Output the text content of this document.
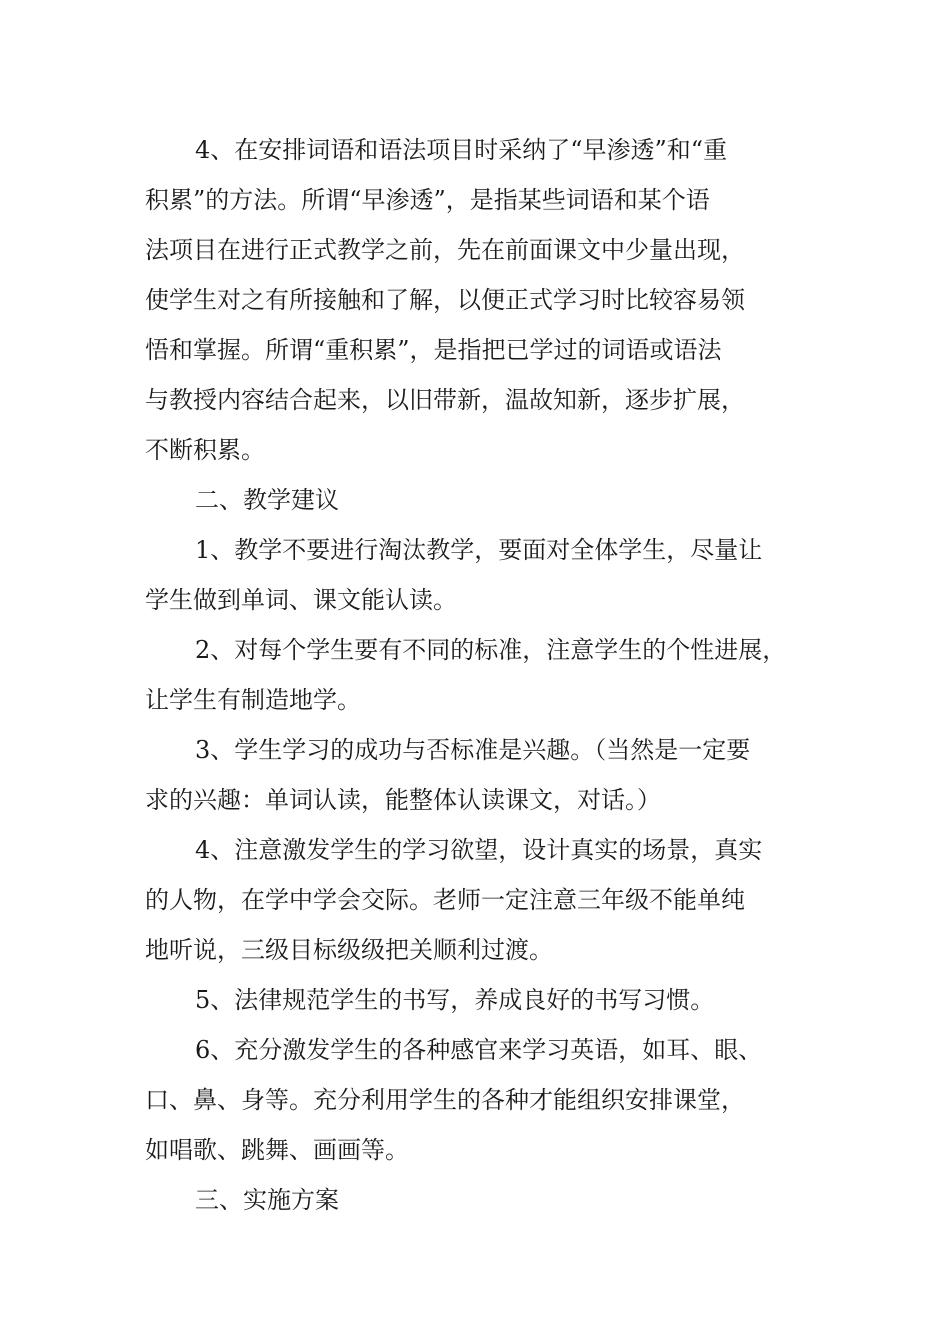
4、在安排词语和语法项目时采纳了“早渗透”和“重
积累”的方法。所谓“早渗透”，是指某些词语和某个语
法项目在进行正式教学之前，先在前面课文中少量出现，
使学生对之有所接触和了解，以便正式学习时比较容易领
悟和掌握。所谓“重积累”，是指把已学过的词语或语法
与教授内容结合起来，以旧带新，温故知新，逐步扩展，
不断积累。
二、教学建议
1、教学不要进行淘汰教学，要面对全体学生，尽量让
学生做到单词、课文能认读。
2、对每个学生要有不同的标准，注意学生的个性进展，
让学生有制造地学。
3、学生学习的成功与否标准是兴趣。（当然是一定要
求的兴趣：单词认读，能整体认读课文，对话。）
4、注意激发学生的学习欲望，设计真实的场景，真实
的人物，在学中学会交际。老师一定注意三年级不能单纯
地听说，三级目标级级把关顺利过渡。
5、法律规范学生的书写，养成良好的书写习惯。
6、充分激发学生的各种感官来学习英语，如耳、眼、
口、鼻、身等。充分利用学生的各种才能组织安排课堂，
如唱歌、跳舞、画画等。
三、实施方案
